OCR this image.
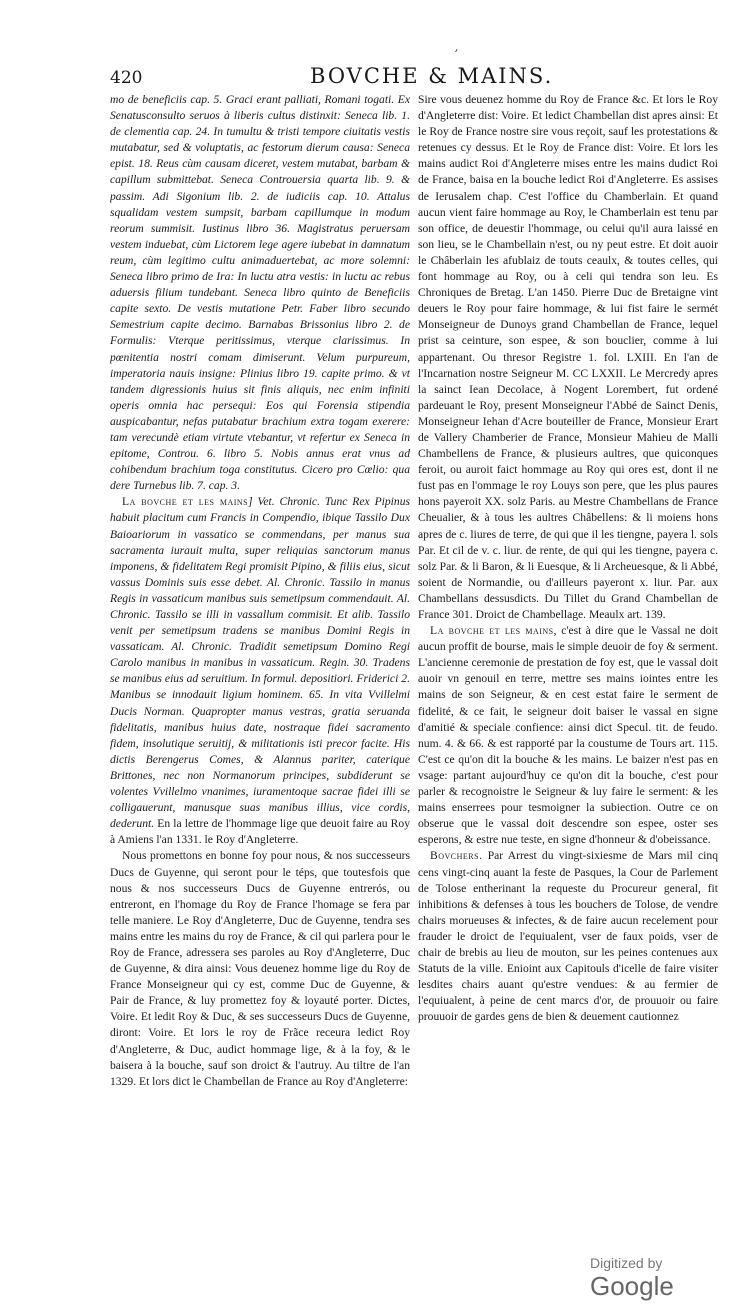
′
420	BOVCHE & MAINS.

mo de beneficiis cap. 5. Graci erant palliati, Romani togati. Ex Senatusconsulto seruos à liberis cultus distinxit: Seneca lib. 1. de clementia cap. 24. In tumultu & tristi tempore ciuitatis vestis mutabatur, sed & voluptatis, ac festorum dierum causa: Seneca epist. 18. Reus cùm causam diceret, vestem mutabat, barbam & capillum submittebat. Seneca Controuersia quarta lib. 9. & passim. Adi Sigonium lib. 2. de iudiciis cap. 10. Attalus squalidam vestem sumpsit, barbam capillumque in modum reorum summisit. Iustinus libro 36. Magistratus peruersam vestem induebat, cùm Lictorem lege agere iubebat in damnatum reum, cùm legitimo cultu animaduertebat, ac more solemni: Seneca libro primo de Ira: In luctu atra vestis: in luctu ac rebus aduersis filium tundebant. Seneca libro quinto de Beneficiis capite sexto. De vestis mutatione Petr. Faber libro secundo Semestrium capite decimo. Barnabas Brissonius libro 2. de Formulis: Vterque peritissimus, vterque clarissimus. In pœnitentia nostri comam dimiserunt. Velum purpureum, imperatoria nauis insigne: Plinius libro 19. capite primo. & vt tandem digressionis huius sit finis aliquis, nec enim infiniti operis omnia hac persequi: Eos qui Forensia stipendia auspicabantur, nefas putabatur brachium extra togam exerere: tam verecundè etiam virtute vtebantur, vt refertur ex Seneca in epitome, Controu. 6. libro 5. Nobis annus erat vnus ad cohibendum brachium toga constitutus. Cicero pro Cœlio: qua dere Turnebus lib. 7. cap. 3.

La bovche et les mains] Vet. Chronic. Tunc Rex Pipinus habuit placitum cum Francis in Compendio, ibique Tassilo Dux Baioariorum in vassatico se commendans, per manus sua sacramenta iurauit multa, super reliquias sanctorum manus imponens, & fidelitatem Regi promisit Pipino, & filiis eius, sicut vassus Dominis suis esse debet. Al. Chronic. Tassilo in manus Regis in vassaticum manibus suis semetipsum commendauit. Al. Chronic. Tassilo se illi in vassallum commisit. Et alib. Tassilo venit per semetipsum tradens se manibus Domini Regis in vassaticam. Al. Chronic. Tradidit semetipsum Domino Regi Carolo manibus in manibus in vassaticum. Regin. 30. Tradens se manibus eius ad seruitium. In formul. depositiori. Friderici 2. Manibus se innodauit ligium hominem. 65. In vita Vvillelmi Ducis Norman. Quapropter manus vestras, gratia seruanda fidelitatis, manibus huius date, nostraque fidei sacramento fidem, insolutique seruitij, & militationis isti precor facite. His dictis Berengerus Comes, & Alannus pariter, caterique Brittones, nec non Normanorum principes, subdiderunt se volentes Vvillelmo vnanimes, iuramentoque sacrae fidei illi se colligauerunt, manusque suas manibus illius, vice cordis, dederunt. En la lettre de l'hommage lige que deuoit faire au Roy à Amiens l'an 1331. le Roy d'Angleterre.

Nous promettons en bonne foy pour nous, & nos successeurs Ducs de Guyenne, qui seront pour le téps, que toutesfois que nous & nos successeurs Ducs de Guyenne entrerós, ou entreront, en l'homage du Roy de France l'homage se fera par telle maniere. Le Roy d'Angleterre, Duc de Guyenne, tendra ses mains entre les mains du roy de France, & cil qui parlera pour le Roy de France, adressera ses paroles au Roy d'Angleterre, Duc de Guyenne, & dira ainsi: Vous deuenez homme lige du Roy de France Monseigneur qui cy est, comme Duc de Guyenne, & Pair de France, & luy promettez foy & loyauté porter. Dictes, Voire. Et ledit Roy & Duc, & ses successeurs Ducs de Guyenne, diront: Voire. Et lors le roy de Frãce receura ledict Roy d'Angleterre, & Duc, audict hommage lige, & à la foy, & le baisera à la bouche, sauf son droict & l'autruy. Au tiltre de l'an 1329. Et lors dict le Chambellan de France au Roy d'Angleterre:

Sire vous deuenez homme du Roy de France &c. Et lors le Roy d'Angleterre dist: Voire. Et ledict Chambellan dist apres ainsi: Et le Roy de France nostre sire vous reçoit, sauf les protestations & retenues cy dessus. Et le Roy de France dist: Voire. Et lors les mains audict Roi d'Angleterre mises entre les mains dudict Roi de France, baisa en la bouche ledict Roi d'Angleterre. Es assises de Ierusalem chap. C'est l'office du Chamberlain. Et quand aucun vient faire hommage au Roy, le Chamberlain est tenu par son office, de deuestir l'hommage, ou celui qu'il aura laissé en son lieu, se le Chambellain n'est, ou ny peut estre. Et doit auoir le Châberlain les afublaiz de touts ceaulx, & toutes celles, qui font hommage au Roy, ou à celi qui tendra son leu. Es Chroniques de Bretag. L'an 1450. Pierre Duc de Bretaigne vint deuers le Roy pour faire hommage, & lui fist faire le sermét Monseigneur de Dunoys grand Chambellan de France, lequel prist sa ceinture, son espee, & son bouclier, comme à lui appartenant. Ou thresor Registre 1. fol. LXIII. En l'an de l'Incarnation nostre Seigneur M. CC LXXII. Le Mercredy apres la sainct Iean Decolace, à Nogent Lorembert, fut ordené pardeuant le Roy, present Monseigneur l'Abbé de Sainct Denis, Monseigneur Iehan d'Acre bouteiller de France, Monsieur Erart de Vallery Chamberier de France, Monsieur Mahieu de Malli Chambellens de France, & plusieurs aultres, que quiconques feroit, ou auroit faict hommage au Roy qui ores est, dont il ne fust pas en l'ommage le roy Louys son pere, que les plus paures hons payeroit XX. solz Paris. au Mestre Chambellans de France Cheualier, & à tous les aultres Châbellens: & li moiens hons apres de c. liures de terre, de qui que il les tiengne, payera l. sols Par. Et cil de v. c. liur. de rente, de qui qui les tiengne, payera c. solz Par. & li Baron, & li Euesque, & li Archeuesque, & li Abbé, soient de Normandie, ou d'ailleurs payeront x. liur. Par. aux Chambellans dessusdicts. Du Tillet du Grand Chambellan de France 301. Droict de Chambellage. Meaulx art. 139.

La bovche et les mains, c'est à dire que le Vassal ne doit aucun proffit de bourse, mais le simple deuoir de foy & serment. L'ancienne ceremonie de prestation de foy est, que le vassal doit auoir vn genouil en terre, mettre ses mains iointes entre les mains de son Seigneur, & en cest estat faire le serment de fidelité, & ce fait, le seigneur doit baiser le vassal en signe d'amitié & speciale confience: ainsi dict Specul. tit. de feudo. num. 4. & 66. & est rapporté par la coustume de Tours art. 115. C'est ce qu'on dit la bouche & les mains. Le baizer n'est pas en vsage: partant aujourd'huy ce qu'on dit la bouche, c'est pour parler & recognoistre le Seigneur & luy faire le serment: & les mains enserrees pour tesmoigner la subiection. Outre ce on obserue que le vassal doit descendre son espee, oster ses esperons, & estre nue teste, en signe d'honneur & d'obeissance.

Bovchers. Par Arrest du vingt-sixiesme de Mars mil cinq cens vingt-cinq auant la feste de Pasques, la Cour de Parlement de Tolose entherinant la requeste du Procureur general, fit inhibitions & defenses à tous les bouchers de Tolose, de vendre chairs morueuses & infectes, & de faire aucun recelement pour frauder le droict de l'equiualent, vser de faux poids, vser de chair de brebis au lieu de mouton, sur les peines contenues aux Statuts de la ville. Enioint aux Capitouls d'icelle de faire visiter lesdites chairs auant qu'estre vendues: & au fermier de l'equiualent, à peine de cent marcs d'or, de prouuoir ou faire prouuoir de gardes gens de bien & deuement cautionnez

Digitized by Google
